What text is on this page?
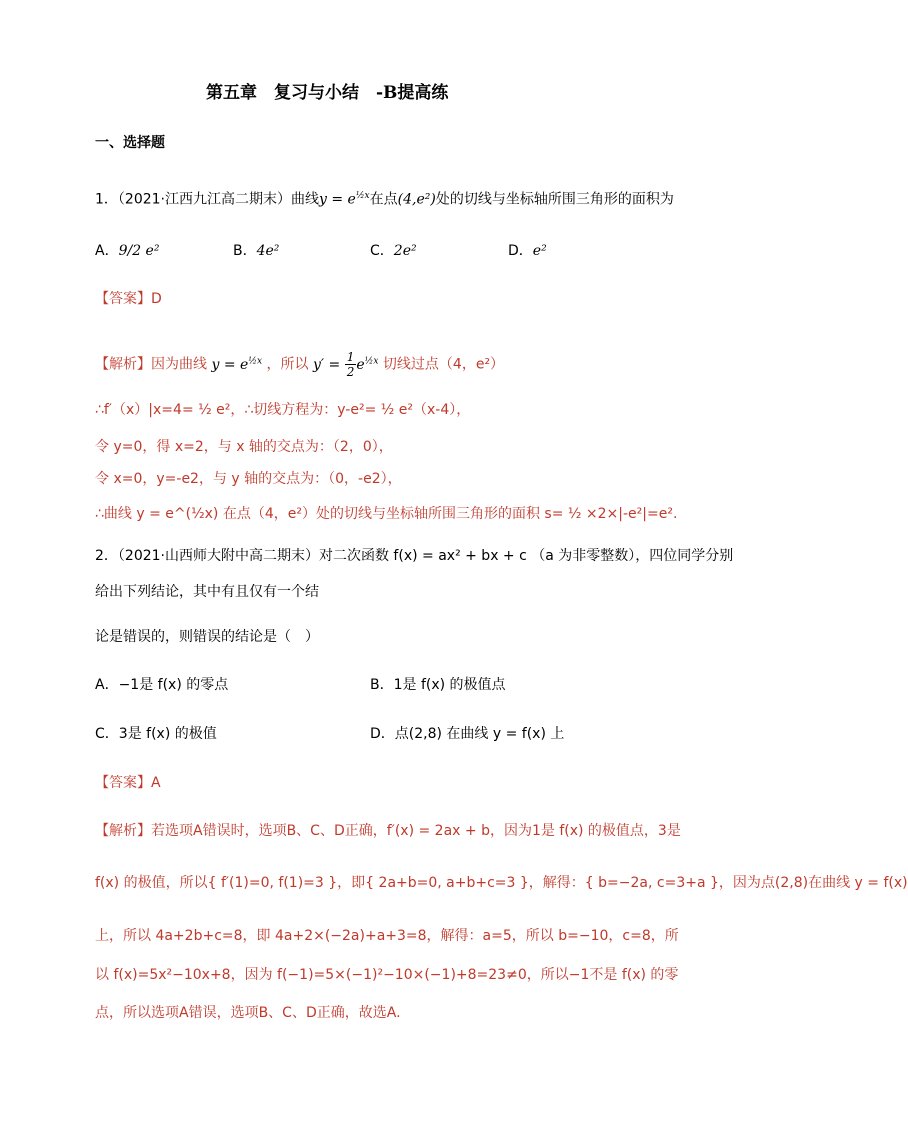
第五章　复习与小结　-B提高练
一、选择题
1．（2021·江西九江高二期末）曲线$y = e^{\frac{1}{2}x}$在点(4,e²)处的切线与坐标轴所围三角形的面积为
A．9/2 e²	B．4e²	C．2e²	D．e²
【答案】D
【解析】因为曲线 $y = e^{\frac{1}{2}x}$ ，所以 $y' = \frac{1}{2} e^{\frac{1}{2}x}$ 切线过点（4，e²）
∴f′（x）|x=4= ½ e²，∴切线方程为：y-e²= ½ e²（x-4），
令 y=0，得 x=2，与 x 轴的交点为：（2，0），
令 x=0，y=-e2，与 y 轴的交点为：（0，-e2），
∴曲线 y = e^(½x) 在点（4，e²）处的切线与坐标轴所围三角形的面积 s= ½ ×2×|-e²|=e².
2．（2021·山西师大附中高二期末）对二次函数 f(x) = ax² + bx + c （a 为非零整数），四位同学分别
给出下列结论，其中有且仅有一个结
论是错误的，则错误的结论是（　）
A．−1是 f(x) 的零点	B．1是 f(x) 的极值点
C．3是 f(x) 的极值	D．点(2,8) 在曲线 y = f(x) 上
【答案】A
【解析】若选项A错误时，选项B、C、D正确，f′(x) = 2ax + b，因为1是 f(x) 的极值点，3是
f(x) 的极值，所以{ f′(1)=0, f(1)=3 }，即{ 2a+b=0, a+b+c=3 }，解得：{ b=−2a, c=3+a }，因为点(2,8)在曲线 y = f(x)
上，所以 4a+2b+c=8，即 4a+2×(−2a)+a+3=8，解得：a=5，所以 b=−10，c=8，所
以 f(x)=5x²−10x+8，因为 f(−1)=5×(−1)²−10×(−1)+8=23≠0，所以−1不是 f(x) 的零
点，所以选项A错误，选项B、C、D正确，故选A.
